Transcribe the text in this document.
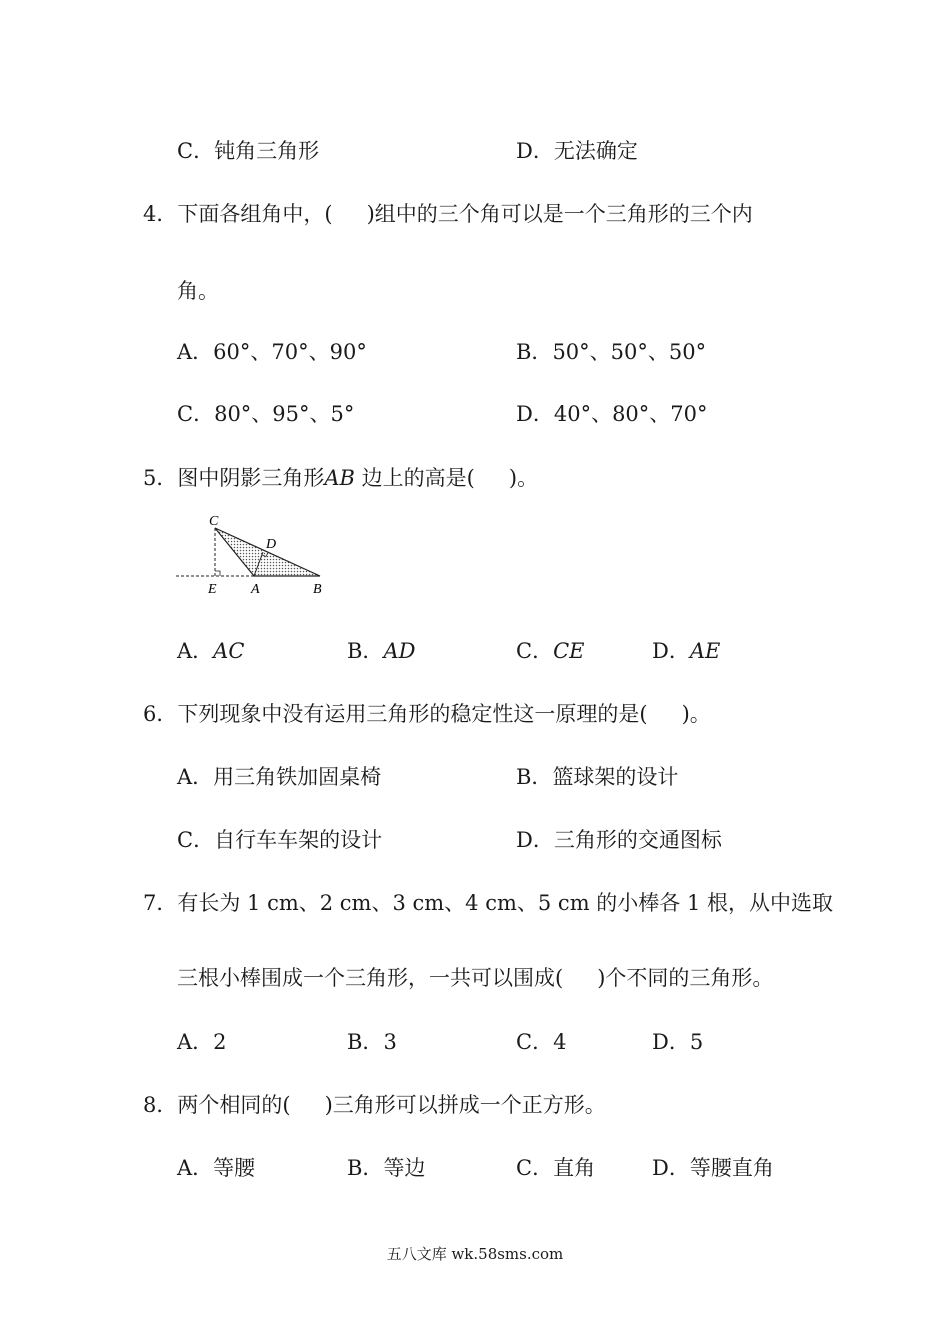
C．钝角三角形	D．无法确定
4．下面各组角中，( )组中的三个角可以是一个三角形的三个内
角。
A．60°、70°、90°	B．50°、50°、50°
C．80°、95°、5°	D．40°、80°、70°
5．图中阴影三角形AB 边上的高是( )。
C
D
E A	B
A．AC	B．AD	C．CE	D．AE
6．下列现象中没有运用三角形的稳定性这一原理的是( )。
A．用三角铁加固桌椅	B．篮球架的设计
C．自行车车架的设计	D．三角形的交通图标
7．有长为 1 cm、2 cm、3 cm、4 cm、5 cm 的小棒各 1 根，从中选取
三根小棒围成一个三角形，一共可以围成( )个不同的三角形。
A．2	B．3	C．4	D．5
8．两个相同的( )三角形可以拼成一个正方形。
A．等腰	B．等边	C．直角	D．等腰直角
五八文库 wk.58sms.com
